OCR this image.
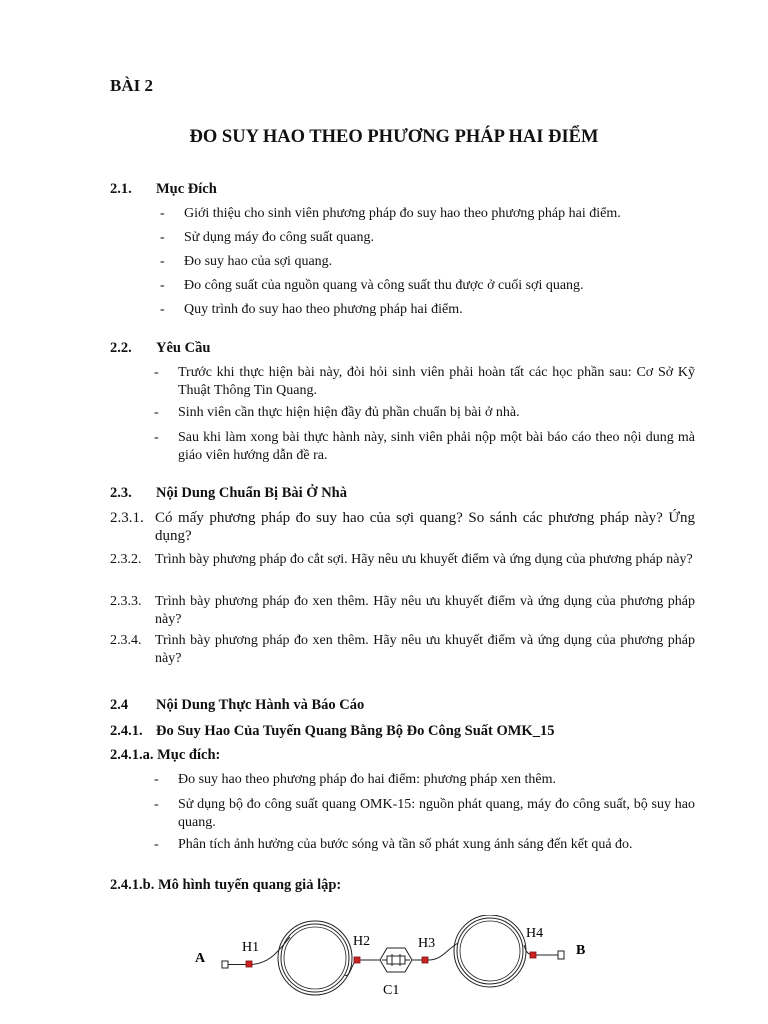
BÀI 2
ĐO SUY HAO THEO PHƯƠNG PHÁP HAI ĐIỂM
2.1. Mục Đích
- Giới thiệu cho sinh viên phương pháp đo suy hao theo phương pháp hai điểm.
- Sử dụng máy đo công suất quang.
- Đo suy hao của sợi quang.
- Đo công suất của nguồn quang và công suất thu được ở cuối sợi quang.
- Quy trình đo suy hao theo phương pháp hai điểm.
2.2. Yêu Cầu
- Trước khi thực hiện bài này, đòi hỏi sinh viên phải hoàn tất các học phần sau: Cơ Sở Kỹ Thuật Thông Tin Quang.
- Sinh viên cần thực hiện hiện đầy đủ phần chuẩn bị bài ở nhà.
- Sau khi làm xong bài thực hành này, sinh viên phải nộp một bài báo cáo theo nội dung mà giáo viên hướng dẫn đề ra.
2.3. Nội Dung Chuẩn Bị Bài Ở Nhà
2.3.1. Có mấy phương pháp đo suy hao của sợi quang? So sánh các phương pháp này? Ứng dụng?
2.3.2. Trình bày phương pháp đo cắt sợi. Hãy nêu ưu khuyết điểm và ứng dụng của phương pháp này?
2.3.3. Trình bày phương pháp đo xen thêm. Hãy nêu ưu khuyết điểm và ứng dụng của phương pháp này?
2.3.4. Trình bày phương pháp đo xen thêm. Hãy nêu ưu khuyết điểm và ứng dụng của phương pháp này?
2.4 Nội Dung Thực Hành và Báo Cáo
2.4.1. Đo Suy Hao Của Tuyến Quang Bằng Bộ Đo Công Suất OMK_15
2.4.1.a. Mục đích:
- Đo suy hao theo phương pháp đo hai điểm: phương pháp xen thêm.
- Sử dụng bộ đo công suất quang OMK-15: nguồn phát quang, máy đo công suất, bộ suy hao quang.
- Phân tích ảnh hưởng của bước sóng và tần số phát xung ánh sáng đến kết quả đo.
2.4.1.b. Mô hình tuyến quang giả lập:
A
H1	H2
C1
H3
H4
B
